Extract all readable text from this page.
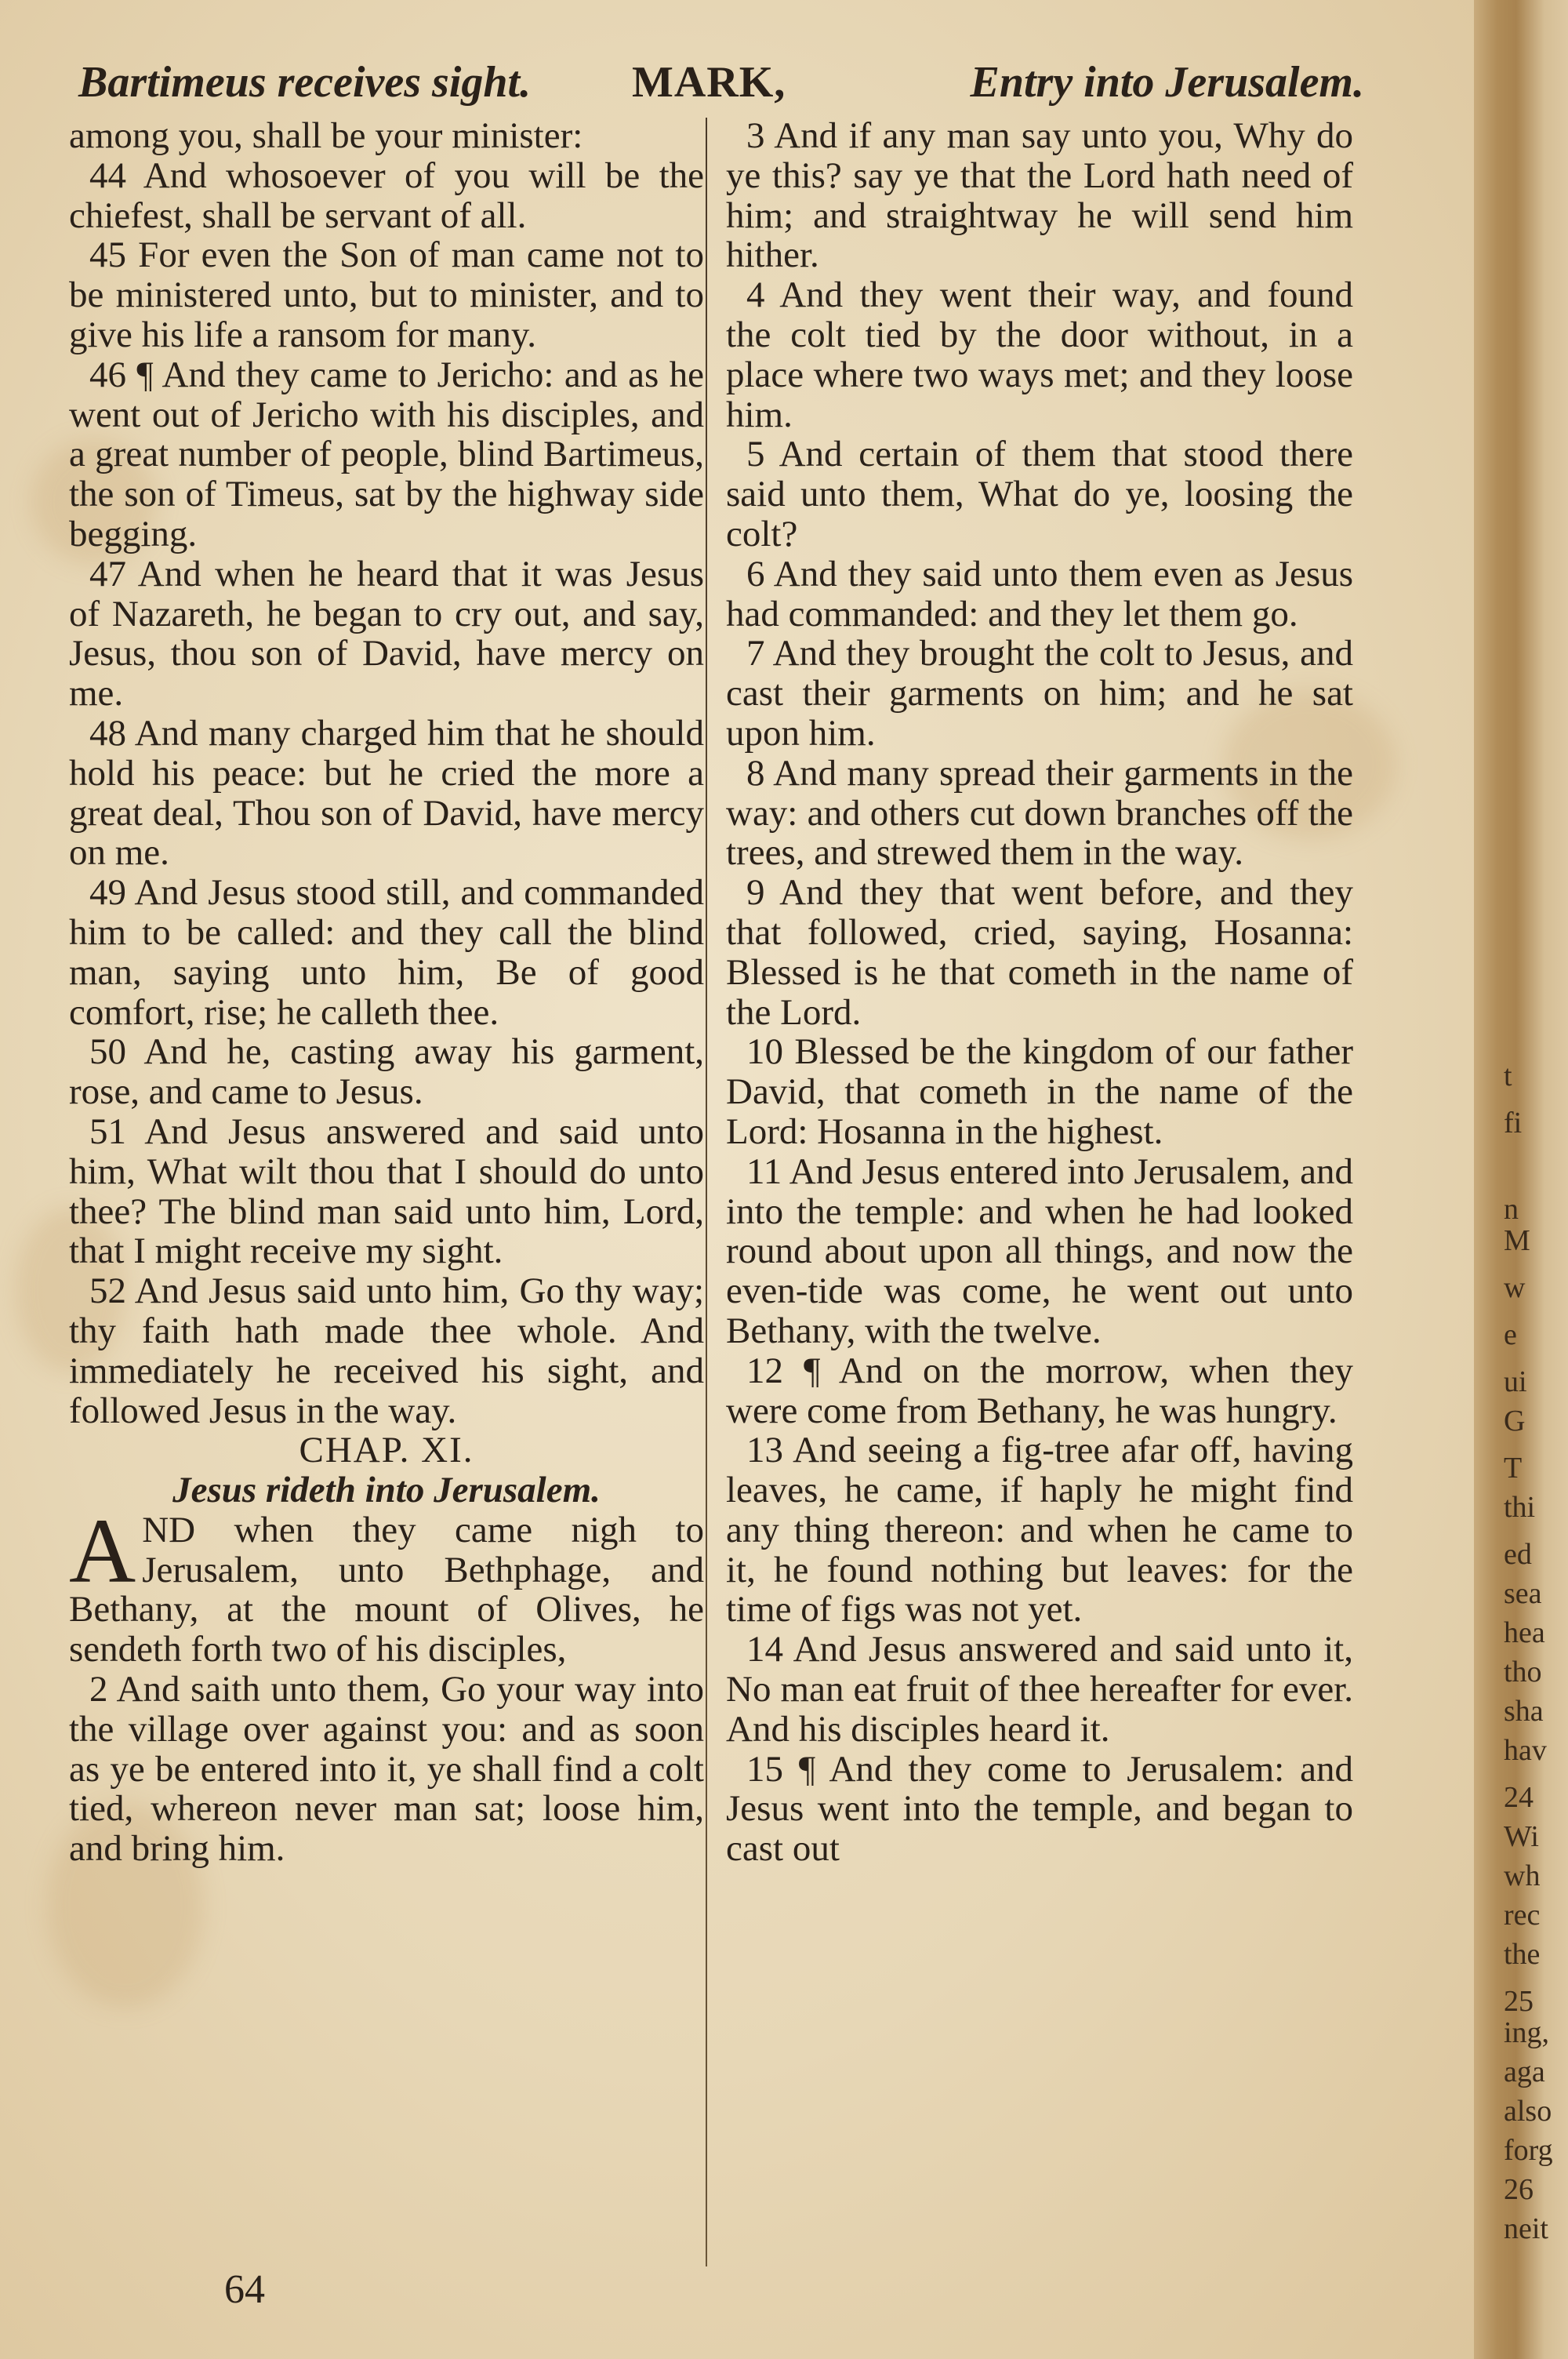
Bartimeus receives sight. MARK,	Entry into Jerusalem.

among you, shall be your minister:

44 And whosoever of you will be the chiefest, shall be servant of all.

45 For even the Son of man came not to be ministered unto, but to minister, and to give his life a ransom for many.

46 ¶ And they came to Jericho: and as he went out of Jericho with his disciples, and a great number of people, blind Bartimeus, the son of Timeus, sat by the highway side begging.

47 And when he heard that it was Jesus of Nazareth, he began to cry out, and say, Jesus, thou son of David, have mercy on me.

48 And many charged him that he should hold his peace: but he cried the more a great deal, Thou son of David, have mercy on me.

49 And Jesus stood still, and commanded him to be called: and they call the blind man, saying unto him, Be of good comfort, rise; he calleth thee.

50 And he, casting away his garment, rose, and came to Jesus.

51 And Jesus answered and said unto him, What wilt thou that I should do unto thee? The blind man said unto him, Lord, that I might receive my sight.

52 And Jesus said unto him, Go thy way; thy faith hath made thee whole. And immediately he received his sight, and followed Jesus in the way.

CHAP. XI.

Jesus rideth into Jerusalem.

AND when they came nigh to Jerusalem, unto Bethphage, and Bethany, at the mount of Olives, he sendeth forth two of his disciples,

2 And saith unto them, Go your way into the village over against you: and as soon as ye be entered into it, ye shall find a colt tied, whereon never man sat; loose him, and bring him.

3 And if any man say unto you, Why do ye this? say ye that the Lord hath need of him; and straightway he will send him hither.

4 And they went their way, and found the colt tied by the door without, in a place where two ways met; and they loose him.

5 And certain of them that stood there said unto them, What do ye, loosing the colt?

6 And they said unto them even as Jesus had commanded: and they let them go.

7 And they brought the colt to Jesus, and cast their garments on him; and he sat upon him.

8 And many spread their garments in the way: and others cut down branches off the trees, and strewed them in the way.

9 And they that went before, and they that followed, cried, saying, Hosanna: Blessed is he that cometh in the name of the Lord.

10 Blessed be the kingdom of our father David, that cometh in the name of the Lord: Hosanna in the highest.

11 And Jesus entered into Jerusalem, and into the temple: and when he had looked round about upon all things, and now the even-tide was come, he went out unto Bethany, with the twelve.

12 ¶ And on the morrow, when they were come from Bethany, he was hungry.

13 And seeing a fig-tree afar off, having leaves, he came, if haply he might find any thing thereon: and when he came to it, he found nothing but leaves: for the time of figs was not yet.

14 And Jesus answered and said unto it, No man eat fruit of thee hereafter for ever. And his disciples heard it.

15 ¶ And they come to Jerusalem: and Jesus went into the temple, and began to cast out

64
t
fi
n
M
w
e
ui
G
T
thi
ed
sea
hea
tho
sha
hav
24
Wi
wh
rec
the
25
ing,
aga
also
forg
26
neit
